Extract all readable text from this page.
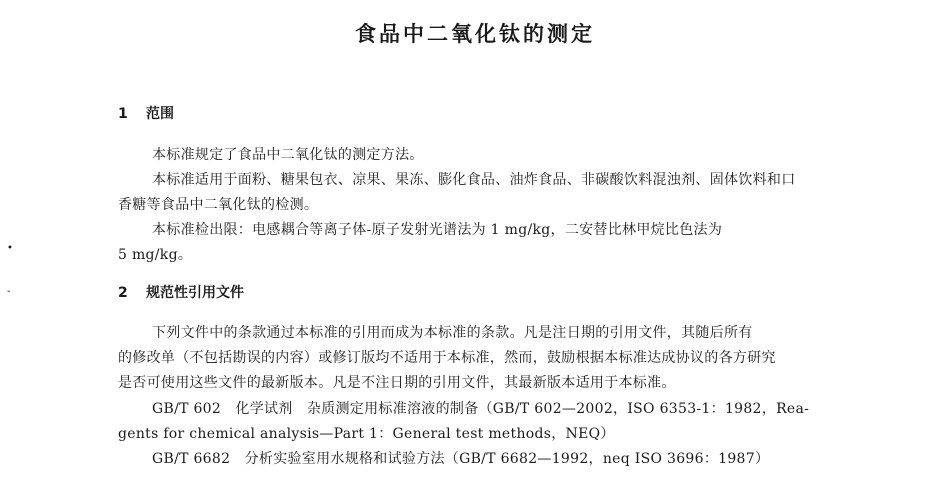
食品中二氧化钛的测定
•
-
1 范围
本标准规定了食品中二氧化钛的测定方法。
本标准适用于面粉、糖果包衣、凉果、果冻、膨化食品、油炸食品、非碳酸饮料混浊剂、固体饮料和口
香糖等食品中二氧化钛的检测。
本标准检出限：电感耦合等离子体-原子发射光谱法为 1 mg/kg，二安替比林甲烷比色法为
5 mg/kg。
2 规范性引用文件
下列文件中的条款通过本标准的引用而成为本标准的条款。凡是注日期的引用文件，其随后所有
的修改单（不包括勘误的内容）或修订版均不适用于本标准，然而，鼓励根据本标准达成协议的各方研究
是否可使用这些文件的最新版本。凡是不注日期的引用文件，其最新版本适用于本标准。
GB/T 602　化学试剂　杂质测定用标准溶液的制备（GB/T 602—2002，ISO 6353-1：1982，Rea-
gents for chemical analysis—Part 1：General test methods，NEQ）
GB/T 6682　分析实验室用水规格和试验方法（GB/T 6682—1992，neq ISO 3696：1987）
